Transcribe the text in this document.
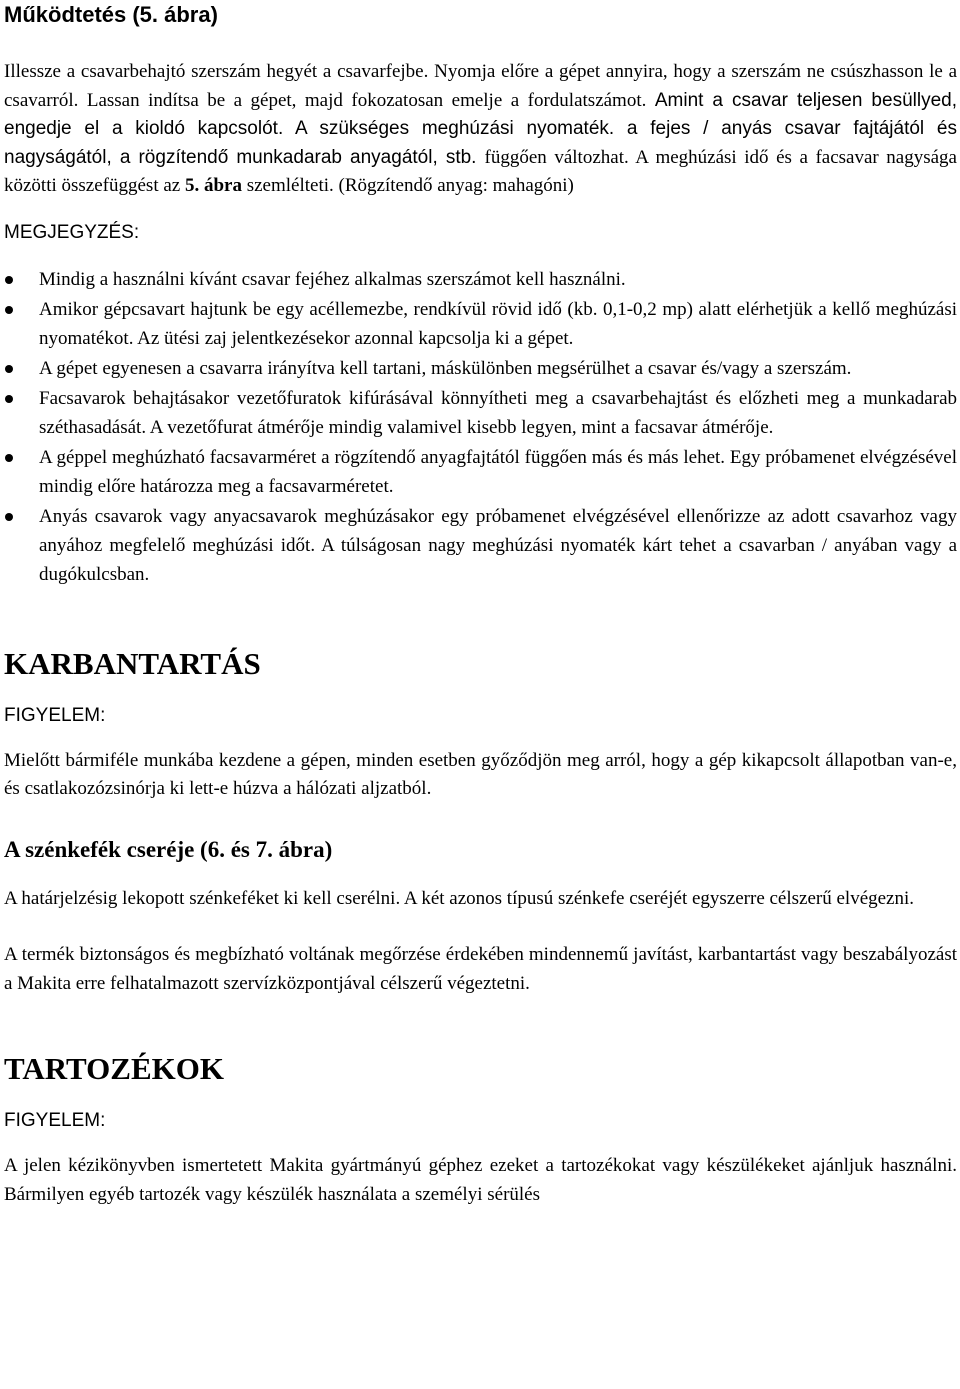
Működtetés (5. ábra)

Illessze a csavarbehajtó szerszám hegyét a csavarfejbe. Nyomja előre a gépet annyira, hogy a szerszám ne csúszhasson le a csavarról. Lassan indítsa be a gépet, majd fokozatosan emelje a fordulatszámot. Amint a csavar teljesen besüllyed, engedje el a kioldó kapcsolót. A szükséges meghúzási nyomaték. a fejes / anyás csavar fajtájától és nagyságától, a rögzítendő munkadarab anyagától, stb. függően változhat. A meghúzási idő és a facsavar nagysága közötti összefüggést az 5. ábra szemlélteti. (Rögzítendő anyag: mahagóni)

MEGJEGYZÉS:
Mindig a használni kívánt csavar fejéhez alkalmas szerszámot kell használni.
Amikor gépcsavart hajtunk be egy acéllemezbe, rendkívül rövid idő (kb. 0,1-0,2 mp) alatt elérhetjük a kellő meghúzási nyomatékot. Az ütési zaj jelentkezésekor azonnal kapcsolja ki a gépet.
A gépet egyenesen a csavarra irányítva kell tartani, máskülönben megsérülhet a csavar és/vagy a szerszám.
Facsavarok behajtásakor vezetőfuratok kifúrásával könnyítheti meg a csavarbehajtást és előzheti meg a munkadarab széthasadását. A vezetőfurat átmérője mindig valamivel kisebb legyen, mint a facsavar átmérője.
A géppel meghúzható facsavarméret a rögzítendő anyagfajtától függően más és más lehet. Egy próbamenet elvégzésével mindig előre határozza meg a facsavarméretet.
Anyás csavarok vagy anyacsavarok meghúzásakor egy próbamenet elvégzésével ellenőrizze az adott csavarhoz vagy anyához megfelelő meghúzási időt. A túlságosan nagy meghúzási nyomaték kárt tehet a csavarban / anyában vagy a dugókulcsban.
KARBANTARTÁS
FIGYELEM:

Mielőtt bármiféle munkába kezdene a gépen, minden esetben győződjön meg arról, hogy a gép kikapcsolt állapotban van-e, és csatlakozózsinórja ki lett-e húzva a hálózati aljzatból.

A szénkefék cseréje (6. és 7. ábra)

A határjelzésig lekopott szénkeféket ki kell cserélni. A két azonos típusú szénkefe cseréjét egyszerre célszerű elvégezni.

A termék biztonságos és megbízható voltának megőrzése érdekében mindennemű javítást, karbantartást vagy beszabályozást a Makita erre felhatalmazott szervízközpontjával célszerű végeztetni.

TARTOZÉKOK
FIGYELEM:

A jelen kézikönyvben ismertetett Makita gyártmányú géphez ezeket a tartozékokat vagy készülékeket ajánljuk használni. Bármilyen egyéb tartozék vagy készülék használata a személyi sérülés
